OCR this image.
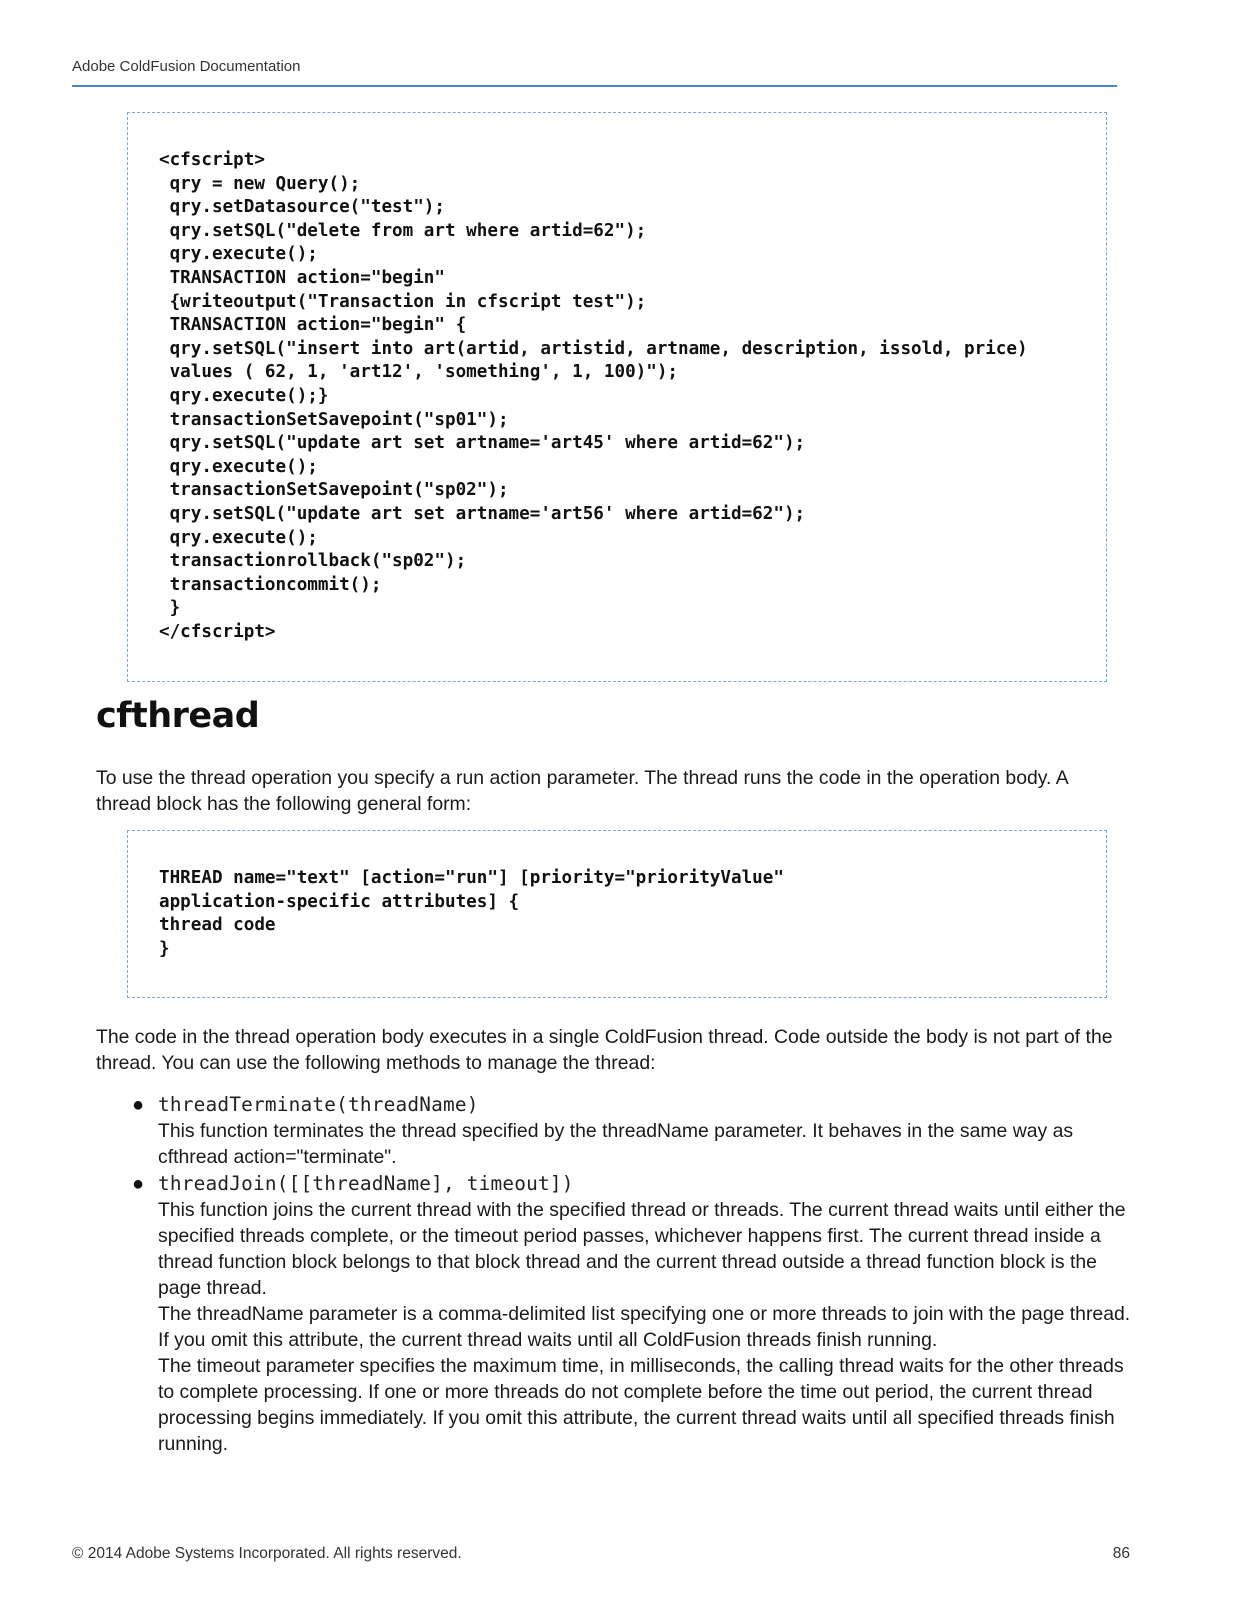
Adobe ColdFusion Documentation
<cfscript>
qry = new Query();
qry.setDatasource("test");
qry.setSQL("delete from art where artid=62");
qry.execute();
TRANSACTION action="begin"
{writeoutput("Transaction in cfscript test");
TRANSACTION action="begin" {
qry.setSQL("insert into art(artid, artistid, artname, description, issold, price)
values ( 62, 1, 'art12', 'something', 1, 100)");
qry.execute();}
transactionSetSavepoint("sp01");
qry.setSQL("update art set artname='art45' where artid=62");
qry.execute();
transactionSetSavepoint("sp02");
qry.setSQL("update art set artname='art56' where artid=62");
qry.execute();
transactionrollback("sp02");
transactioncommit();
}
</cfscript>
cfthread

To use the thread operation you specify a run action parameter. The thread runs the code in the operation body. A thread block has the following general form:

THREAD name="text" [action="run"] [priority="priorityValue"
application-specific attributes] {
thread code
}

The code in the thread operation body executes in a single ColdFusion thread. Code outside the body is not part of the thread. You can use the following methods to manage the thread:

● threadTerminate(threadName)
This function terminates the thread specified by the threadName parameter. It behaves in the same way as cfthread action="terminate".
● threadJoin([[threadName], timeout])
This function joins the current thread with the specified thread or threads. The current thread waits until either the specified threads complete, or the timeout period passes, whichever happens first. The current thread inside a thread function block belongs to that block thread and the current thread outside a thread function block is the page thread.
The threadName parameter is a comma-delimited list specifying one or more threads to join with the page thread. If you omit this attribute, the current thread waits until all ColdFusion threads finish running.
The timeout parameter specifies the maximum time, in milliseconds, the calling thread waits for the other threads to complete processing. If one or more threads do not complete before the time out period, the current thread processing begins immediately. If you omit this attribute, the current thread waits until all specified threads finish running.
© 2014 Adobe Systems Incorporated. All rights reserved.	86
